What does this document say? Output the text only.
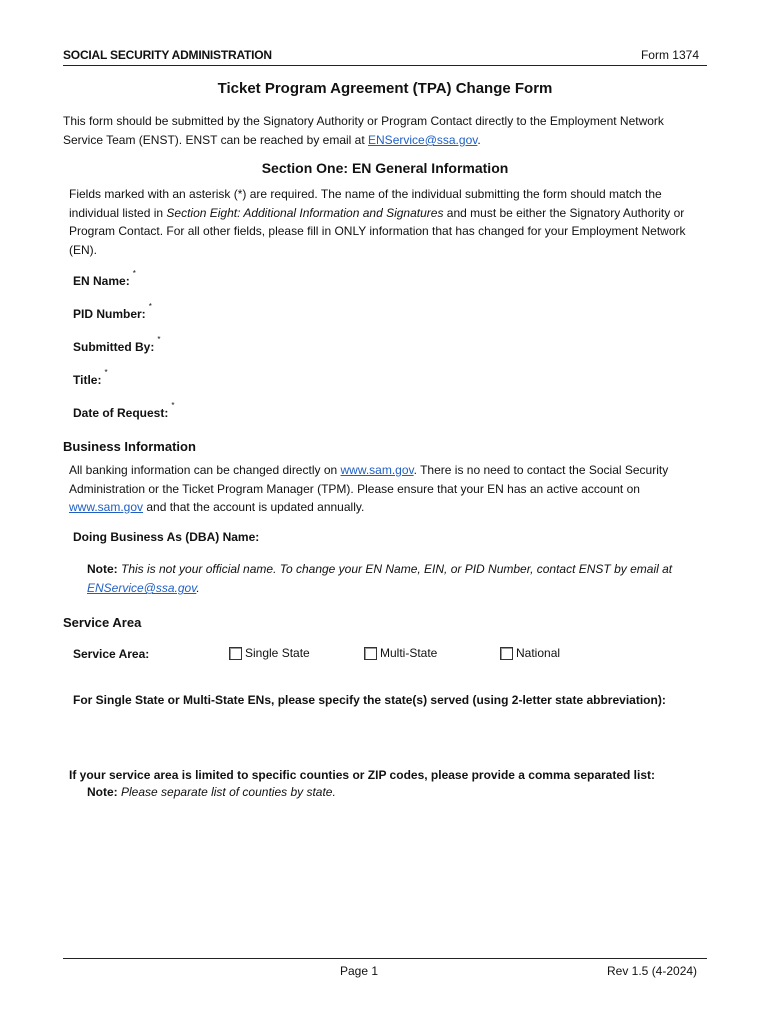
SOCIAL SECURITY ADMINISTRATION	Form 1374
Ticket Program Agreement (TPA) Change Form
This form should be submitted by the Signatory Authority or Program Contact directly to the Employment Network Service Team (ENST). ENST can be reached by email at ENService@ssa.gov.
Section One: EN General Information
Fields marked with an asterisk (*) are required. The name of the individual submitting the form should match the individual listed in Section Eight: Additional Information and Signatures and must be either the Signatory Authority or Program Contact. For all other fields, please fill in ONLY information that has changed for your Employment Network (EN).
EN Name:*
PID Number:*
Submitted By:*
Title:*
Date of Request:*
Business Information
All banking information can be changed directly on www.sam.gov. There is no need to contact the Social Security Administration or the Ticket Program Manager (TPM). Please ensure that your EN has an active account on www.sam.gov and that the account is updated annually.
Doing Business As (DBA) Name:
Note: This is not your official name. To change your EN Name, EIN, or PID Number, contact ENST by email at ENService@ssa.gov.
Service Area
Service Area:	Single State	Multi-State	National
For Single State or Multi-State ENs, please specify the state(s) served (using 2-letter state abbreviation):
If your service area is limited to specific counties or ZIP codes, please provide a comma separated list:
Note: Please separate list of counties by state.
Page 1	Rev 1.5 (4-2024)
